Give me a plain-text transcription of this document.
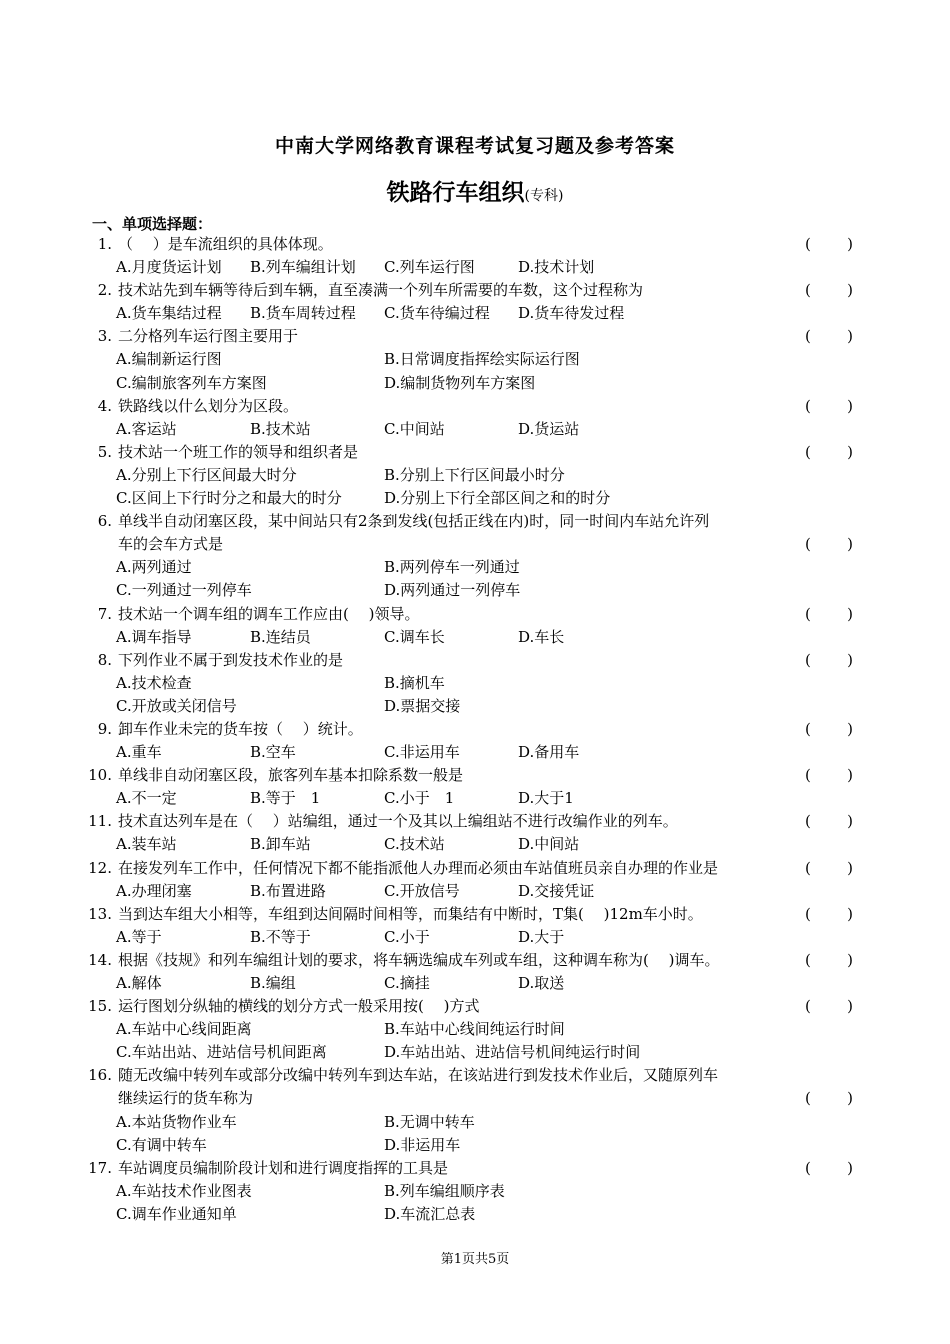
中南大学网络教育课程考试复习题及参考答案
铁路行车组织(专科)
一、单项选择题：
1. （　 ）是车流组织的具体体现。	( )
A.月度货运计划 B.列车编组计划 C.列车运行图	D.技术计划
2. 技术站先到车辆等待后到车辆，直至凑满一个列车所需要的车数，这个过程称为	( )
A.货车集结过程 B.货车周转过程 C.货车待编过程 D.货车待发过程
3. 二分格列车运行图主要用于	( )
A.编制新运行图	B.日常调度指挥绘实际运行图
C.编制旅客列车方案图	D.编制货物列车方案图
4. 铁路线以什么划分为区段。	( )
A.客运站	B.技术站	C.中间站	D.货运站
5. 技术站一个班工作的领导和组织者是	( )
A.分别上下行区间最大时分	B.分别上下行区间最小时分
C.区间上下行时分之和最大的时分	D.分别上下行全部区间之和的时分
6. 单线半自动闭塞区段，某中间站只有2条到发线(包括正线在内)时，同一时间内车站允许列
车的会车方式是	( )
A.两列通过	B.两列停车一列通过
C.一列通过一列停车	D.两列通过一列停车
7. 技术站一个调车组的调车工作应由(　 )领导。	( )
A.调车指导	B.连结员	C.调车长	D.车长
8. 下列作业不属于到发技术作业的是	( )
A.技术检查	B.摘机车
C.开放或关闭信号	D.票据交接
9. 卸车作业未完的货车按（　 ）统计。	( )
A.重车	B.空车	C.非运用车	D.备用车
10. 单线非自动闭塞区段，旅客列车基本扣除系数一般是	( )
A.不一定	B.等于　1	C.小于　1	D.大于1
11. 技术直达列车是在（　 ）站编组，通过一个及其以上编组站不进行改编作业的列车。	( )
A.装车站	B.卸车站	C.技术站	D.中间站
12. 在接发列车工作中，任何情况下都不能指派他人办理而必须由车站值班员亲自办理的作业是	( )
A.办理闭塞	B.布置进路	C.开放信号	D.交接凭证
13. 当到达车组大小相等，车组到达间隔时间相等，而集结有中断时，T集(　 )12m车小时。	( )
A.等于	B.不等于	C.小于	D.大于
14. 根据《技规》和列车编组计划的要求，将车辆选编成车列或车组，这种调车称为(　 )调车。	( )
A.解体	B.编组	C.摘挂	D.取送
15. 运行图划分纵轴的横线的划分方式一般采用按(　 )方式	( )
A.车站中心线间距离	B.车站中心线间纯运行时间
C.车站出站、进站信号机间距离	D.车站出站、进站信号机间纯运行时间
16. 随无改编中转列车或部分改编中转列车到达车站，在该站进行到发技术作业后，又随原列车
继续运行的货车称为	( )
A.本站货物作业车	B.无调中转车
C.有调中转车	D.非运用车
17. 车站调度员编制阶段计划和进行调度指挥的工具是	( )
A.车站技术作业图表	B.列车编组顺序表
C.调车作业通知单	D.车流汇总表
第1页共5页
